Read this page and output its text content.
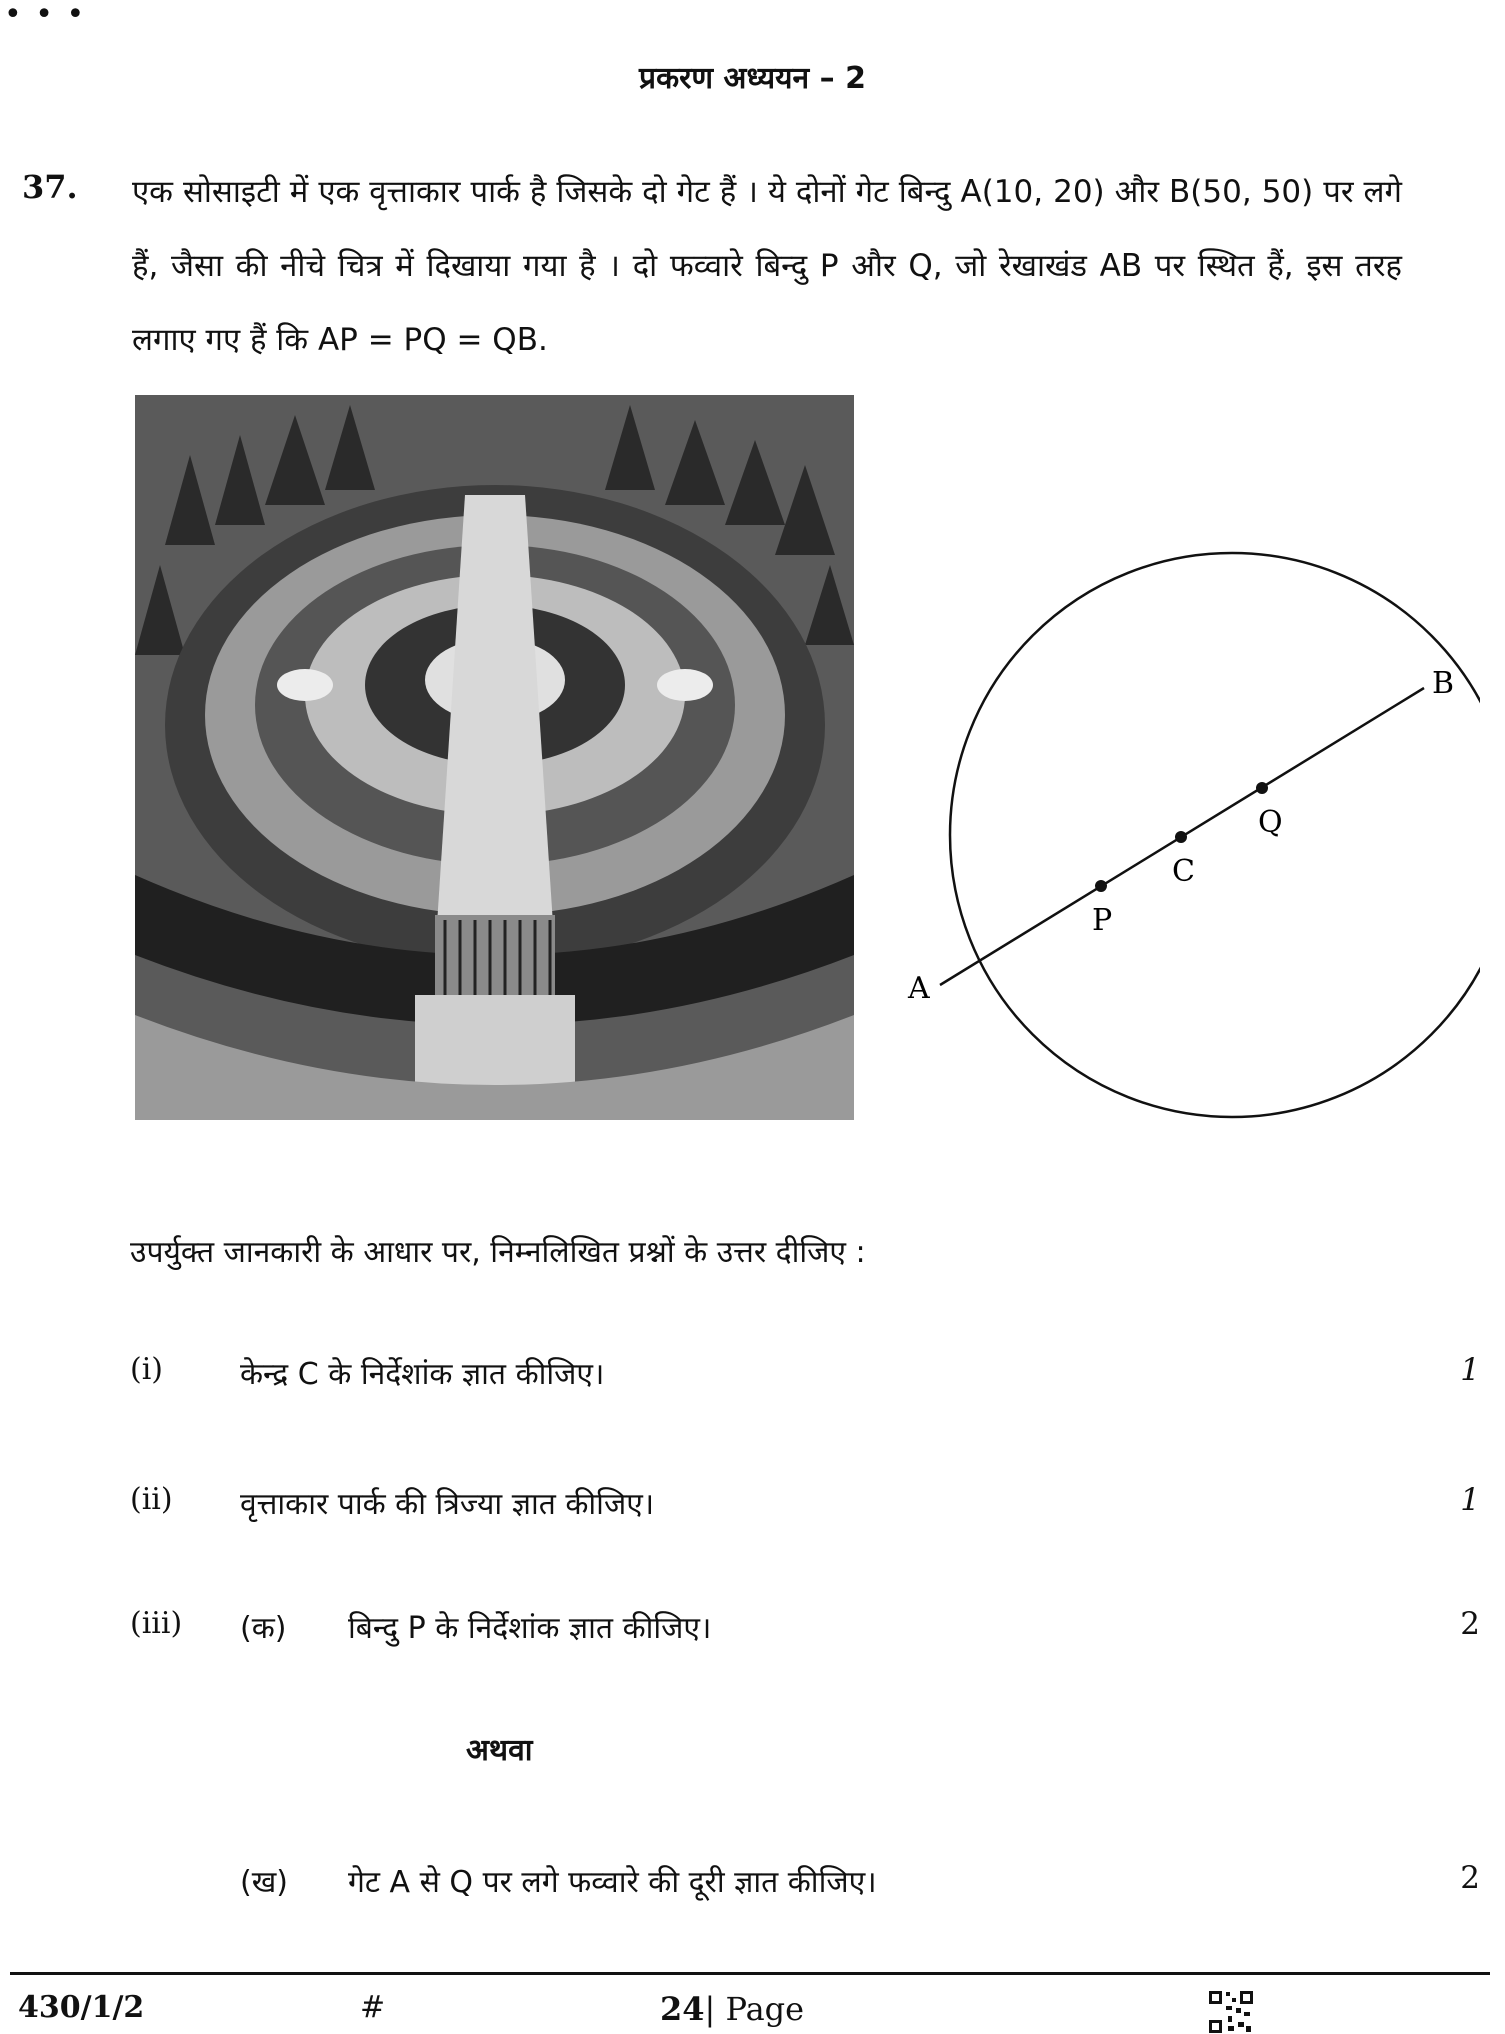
• • •
प्रकरण अध्ययन – 2
37. एक सोसाइटी में एक वृत्ताकार पार्क है जिसके दो गेट हैं । ये दोनों गेट बिन्दु A(10, 20) और B(50, 50) पर लगे हैं, जैसा की नीचे चित्र में दिखाया गया है । दो फव्वारे बिन्दु P और Q, जो रेखाखंड AB पर स्थित हैं, इस तरह लगाए गए हैं कि AP = PQ = QB.
A
B
P
C
Q
उपर्युक्त जानकारी के आधार पर, निम्नलिखित प्रश्नों के उत्तर दीजिए :
(i)	केन्द्र C के निर्देशांक ज्ञात कीजिए।	1
(ii) वृत्ताकार पार्क की त्रिज्या ज्ञात कीजिए।	1
(iii) (क) बिन्दु P के निर्देशांक ज्ञात कीजिए।	2
अथवा
(ख) गेट A से Q पर लगे फव्वारे की दूरी ज्ञात कीजिए।	2
430/1/2	#	24| Page
